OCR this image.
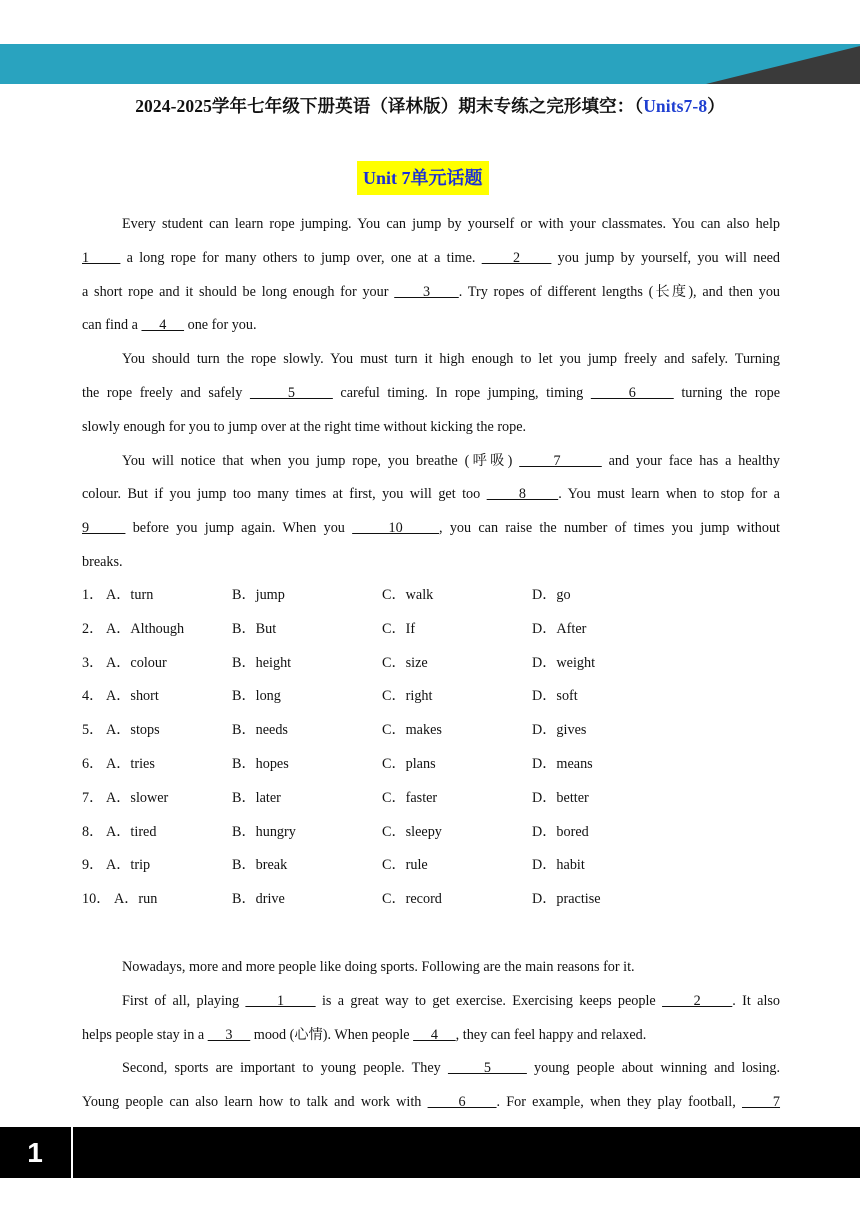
2024-2025学年七年级下册英语（译林版）期末专练之完形填空：（Units7-8）
Unit 7单元话题
Every student can learn rope jumping. You can jump by yourself or with your classmates. You can also help
1      a long rope for many others to jump over, one at a time.      2      you jump by yourself, you will need
a short rope and it should be long enough for your      3     . Try ropes of different lengths (长度), and then you
can find a      4      one for you.
You should turn the rope slowly. You must turn it high enough to let you jump freely and safely. Turning
the rope freely and safely      5      careful timing. In rope jumping, timing      6      turning the rope
slowly enough for you to jump over at the right time without kicking the rope.
You will notice that when you jump rope, you breathe (呼吸)      7       and your face has a healthy
colour. But if you jump too many times at first, you will get too      8     . You must learn when to stop for a
9      before you jump again. When you      10     , you can raise the number of times you jump without
breaks.
1． A．turn	B．jump	C．walk	D．go
2． A．Although	B．But	C．If	D．After
3． A．colour	B．height	C．size	D．weight
4． A．short	B．long	C．right	D．soft
5． A．stops	B．needs	C．makes	D．gives
6． A．tries	B．hopes	C．plans	D．means
7． A．slower	B．later	C．faster	D．better
8． A．tired	B．hungry	C．sleepy	D．bored
9． A．trip	B．break	C．rule	D．habit
10． A．run	B．drive	C．record	D．practise
Nowadays, more and more people like doing sports. Following are the main reasons for it.
First of all, playing      1      is a great way to get exercise. Exercising keeps people      2     . It also
helps people stay in a      3      mood (心情). When people      4     , they can feel happy and relaxed.
Second, sports are important to young people. They      5      young people about winning and losing.
Young people can also learn how to talk and work with      6     . For example, when they play football,      7
1
